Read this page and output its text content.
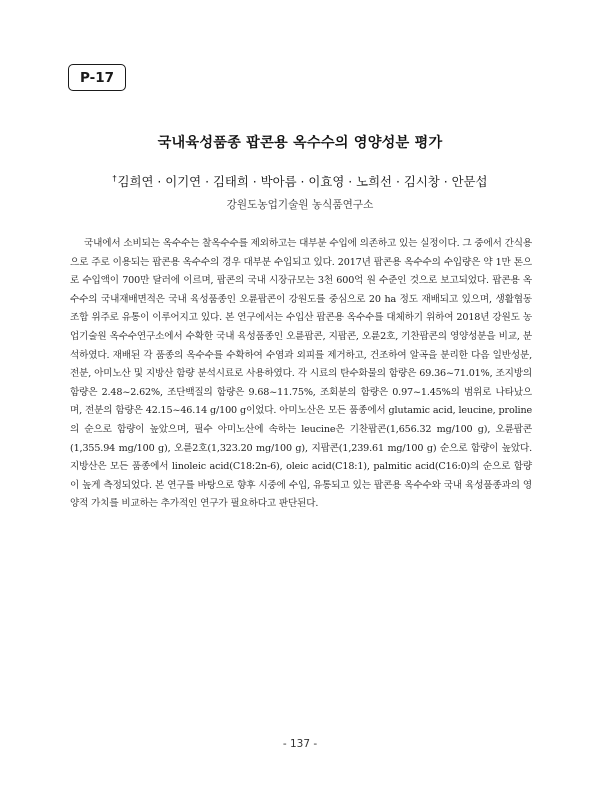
P-17
국내육성품종 팝콘용 옥수수의 영양성분 평가
†김희연 · 이기연 · 김태희 · 박아름 · 이효영 · 노희선 · 김시창 · 안문섭
강원도농업기술원 농식품연구소

국내에서 소비되는 옥수수는 찰옥수수를 제외하고는 대부분 수입에 의존하고 있는 실정이다. 그 중에서 간식용으로 주로 이용되는 팝콘용 옥수수의 경우 대부분 수입되고 있다. 2017년 팝콘용 옥수수의 수입량은 약 1만 톤으로 수입액이 700만 달러에 이르며, 팝콘의 국내 시장규모는 3천 600억 원 수준인 것으로 보고되었다. 팝콘용 옥수수의 국내재배면적은 국내 육성품종인 오륜팝콘이 강원도를 중심으로 20 ha 정도 재배되고 있으며, 생활협동조합 위주로 유통이 이루어지고 있다. 본 연구에서는 수입산 팝콘용 옥수수를 대체하기 위하여 2018년 강원도 농업기술원 옥수수연구소에서 수확한 국내 육성품종인 오륜팝콘, 지팝콘, 오륜2호, 기찬팝콘의 영양성분을 비교, 분석하였다. 재배된 각 품종의 옥수수를 수확하여 수염과 외피를 제거하고, 건조하여 알곡을 분리한 다음 일반성분, 전분, 아미노산 및 지방산 함량 분석시료로 사용하였다. 각 시료의 탄수화물의 함량은 69.36~71.01%, 조지방의 함량은 2.48~2.62%, 조단백질의 함량은 9.68~11.75%, 조회분의 함량은 0.97~1.45%의 범위로 나타났으며, 전분의 함량은 42.15~46.14 g/100 g이었다. 아미노산은 모든 품종에서 glutamic acid, leucine, proline의 순으로 함량이 높았으며, 필수 아미노산에 속하는 leucine은 기찬팝콘(1,656.32 mg/100 g), 오륜팝콘(1,355.94 mg/100 g), 오륜2호(1,323.20 mg/100 g), 지팝콘(1,239.61 mg/100 g) 순으로 함량이 높았다. 지방산은 모든 품종에서 linoleic acid(C18:2n-6), oleic acid(C18:1), palmitic acid(C16:0)의 순으로 함량이 높게 측정되었다. 본 연구를 바탕으로 향후 시중에 수입, 유통되고 있는 팝콘용 옥수수와 국내 육성품종과의 영양적 가치를 비교하는 추가적인 연구가 필요하다고 판단된다.

- 137 -
